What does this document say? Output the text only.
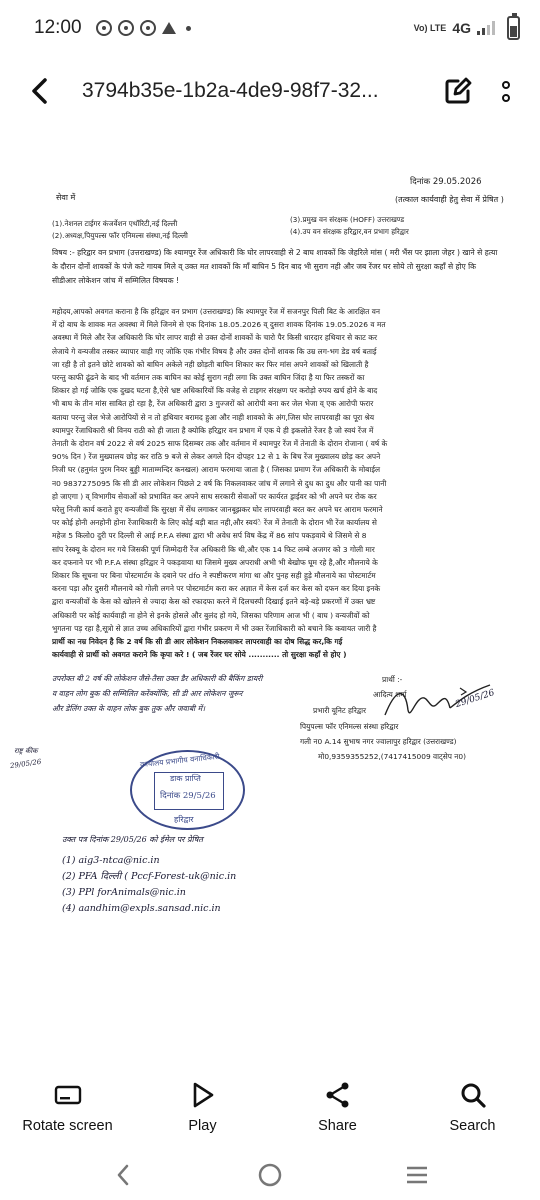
12:00	Vo) LTE 4G
3794b35e-1b2a-4de9-98f7-32...
दिनांक 29.05.2026
(तत्काल कार्यवाही हेतु सेवा में प्रेषित )
सेवा में
(1).नेशनल टाईगर कंजर्वेशन एथॉरिटी,नई दिल्ली
(2).अध्यक्ष,पियुपल्स फॉर एनिमल्स संस्था,नई दिल्ली
(3).प्रमुख वन संरक्षक (HOFF) उत्तराखण्ड
(4).उप वन संरक्षक हरिद्वार,वन प्रभाग हरिद्वार
विषय :- हरिद्वार वन प्रभाग (उत्तराखण्ड) कि श्यामपुर रेंज अधिकारी कि घोर लापरवाही से 2 बाघ शावकों कि जेहरिले मांस ( मरी भैंस पर झाला जेहर ) खाने से हत्या के दौरान दोनों शावकों के पंजे कटे गायब मिले व् उक्त मत शावकों कि माँ बाघिन 5 दिन बाद भी सुराग नही और जब रेंजर घर सोये तो सुरक्षा कहाँ से होए कि सीडीआर लोकेशन जांच में सम्मिलित विषयक !
महोदय,आपको अवगत कराना है कि हरिद्वार वन प्रभाग (उत्तराखण्ड) कि श्यामपुर रेंज में सजनपुर पिली बिट के आरक्षित वन
में दो बाघ के शावक मत अवस्था में मिले जिनमे से एक दिनांक 18.05.2026 व् दुसरा शावक दिनांक 19.05.2026 व मत
अवस्था में मिले और रेंज अधिकारी कि घोर लापर वाही से उक्त दोनों शावकों के चारो पैर किसी धारदार हथियार से काट कर
लेजाये गे वन्यजीव तस्कर व्यापार वाही गए जोकि एक गंभीर विषय है और उक्त दोनों शावक कि उम्र लग-भग डेड वर्ष बताई
जा रही है तो इतने छोटे शावको को बाघिन अकेले नही छोड़ती बाघिन शिकार कर फिर मांस अपने शावकों को खिलाती है
परन्तु काफी ढूंढने के बाद भी वर्तमान तक बाघिन का कोई सुराग नही लगा कि उक्त बाघिन जिंदा है या फिर तस्करों का
शिकार हो गई जोकि एक दुखद घटना है,ऐसे भ्रष्ट अधिकारियों कि वजेह से टाइगर संरक्षण पर करोड़ो रुपय खर्च होने के बाद
भी बाघ के तीन मांस साबित हो रहा है, रेंज अधिकारी द्वारा 3 गुज्जरों को आरोपी बना कर जेल भेजा व् एक आरोपी फरार
बताया परन्तु जेल भेजे आरोपियों से न तो हथियार बरामद हुआ और नाही शावको के अंग,जिस घोर लापरवाही का पूरा श्रेय
श्यामपुर रेंजाधिकारी श्री विनय राठी को ही जाता है क्योकि हरिद्वार वन प्रभाग में एक ये ही इकलोते रेंजर है जो स्वयं रेंज में
तेनाती के दोरान वर्ष 2022 से वर्ष 2025 साफ दिसम्बर तक और वर्तमान में श्यामपुर रेंज में तेनाती के दोरान रोजाना ( वर्ष के
90% दिन ) रेंज मुख्यालय छोड़ कर राठि 9 बजे से लेकर अगले दिन दोपहर 12 से 1 के बिच रेंज मुख्यालय छोड़ कर अपने
निजी घर (हनुमंत पुरम नियर बुड्डी माताम्मन्दिर कनखल) आराम फरमाया जाता है ( जिसका प्रमाण रेंज अधिकारी के मोबाईल
न0 9837275095 कि सी डी आर लोकेशन पिछले 2 वर्ष कि निकलवाकर जांच में लगाने से दुध का दुध और पानी का पानी
हो जाएगा ) व् विभागीय सेवाओं को प्रभावित कर अपने साथ सरकारी सेवाओं पर कार्यरत ड्राईवर को भी अपने घर रोक कर
घरेलु निजी कार्य कराते हुए वन्यजीवों कि सुरक्षा में सेंध लगाकर जानबूझकर घोर लापरवाही बरत कर अपने घर आराम फरमाने
पर कोई होनी अनहोनी होना रेंजाधिकारी के लिए कोई बड़ी बात नही,और स्वयंे रेंज में तेनाती के दोरान भी रेंज कार्यालय से
महेज 5 किलो0 दुरी पर दिल्ली से आई P.F.A संस्था द्वारा भी अवेध सर्प विष केंद्र में 86 सांप पकड़वाये थे जिसमे से 8
सांप रेस्क्यू के दोरान मर गये जिसकी पूर्ण जिम्मेदारी रेंज अधिकारी कि थी,और एक 14 फिट लम्बे अजगर को 3 गोली मार
कर दफनाने पर भी P.F.A संस्था हरिद्वार ने पकड़वाया था जिसमे मुख्य अपराधी अभी भी बेखोफ घूम रहे है,और मौलनाये के
शिकार कि सूचना पर बिना पोस्टमार्टम के दबाने पर dfo ने स्पष्टीकरण मांगा था और पुनह सही हुड़े मौलनाये का पोस्टमार्टम
करना पड़ा और दुसरी मौलनाये को गोली लगने पर पोस्टमार्टम करा कर अज्ञात में केस दर्ज कर केस को दफन कर दिया इनके
द्वारा वन्यजीवों के केस को खोलने से ज्यादा केस को रफादफा करने में दिलचस्पी दिखाई इतने बड़े-बड़े प्रकरणों में उक्त भ्रष्ट
अधिकारी पर कोई कार्यवाही ना होने से इनके होसले और बुलंद हो गये, जिसका परिणाम आज भी ( बाघ ) वन्यजीवों को
भुगतना पड़ रहा है,सूत्रो से ज्ञात उच्च अधिकारियों द्वारा गंभीर प्रकरण में भी उक्त रेंजाधिकारी को बचाने कि कवायत जारी है
प्रार्थी का नम्र निवेदन है कि 2 वर्ष कि सी डी आर लोकेशन निकलवाकर लापरवाही का दोष सिद्ध कर,कि गई
कार्यवाही से प्रार्थी को अवगत कराने कि कृपा करे ! ( जब रेंजर घर सोये ........... तो सुरक्षा कहाँ से होए )
उपरोक्त बी 2 वर्ष की लोकेशन जैसे-तैसा उक्त डैर अधिकारी की बैकिंग डायरी
व वाहन लोग बुक की सम्मिलित करेंक्योंकि, सी डी आर लोकेशन जुरूर
और डेलिंग उक्त के वाहन लोक बुक तुक और जवाबी में।
प्रार्थी :-
आदित्य शर्मा
प्रभारी यूनिट हरिद्वार
29/05/26
पियुपल्स फॉर एनिमल्स संस्था हरिद्वार
गली न0 A.14 सुभाष नगर ज्वालापुर हरिद्वार (उत्तराखण्ड)
मो0,9359355252,(7417415009 वाट्सेप न0)
राष्ट्र कीक
29/05/26	कार्यालय प्रभागीय वनाधिकारी
डाक प्राप्ति
दिनांक 29/5/26
हरिद्वार
उक्त पत्र दिनांक 29/05/26 को ईमेल पर प्रेषित
(1) aig3-ntca@nic.in
(2) PFA दिल्ली ( Pccf-Forest-uk@nic.in
(3) PPl forAnimals@nic.in
(4) aandhim@expls.sansad.nic.in
Rotate screen	Play	Share	Search
